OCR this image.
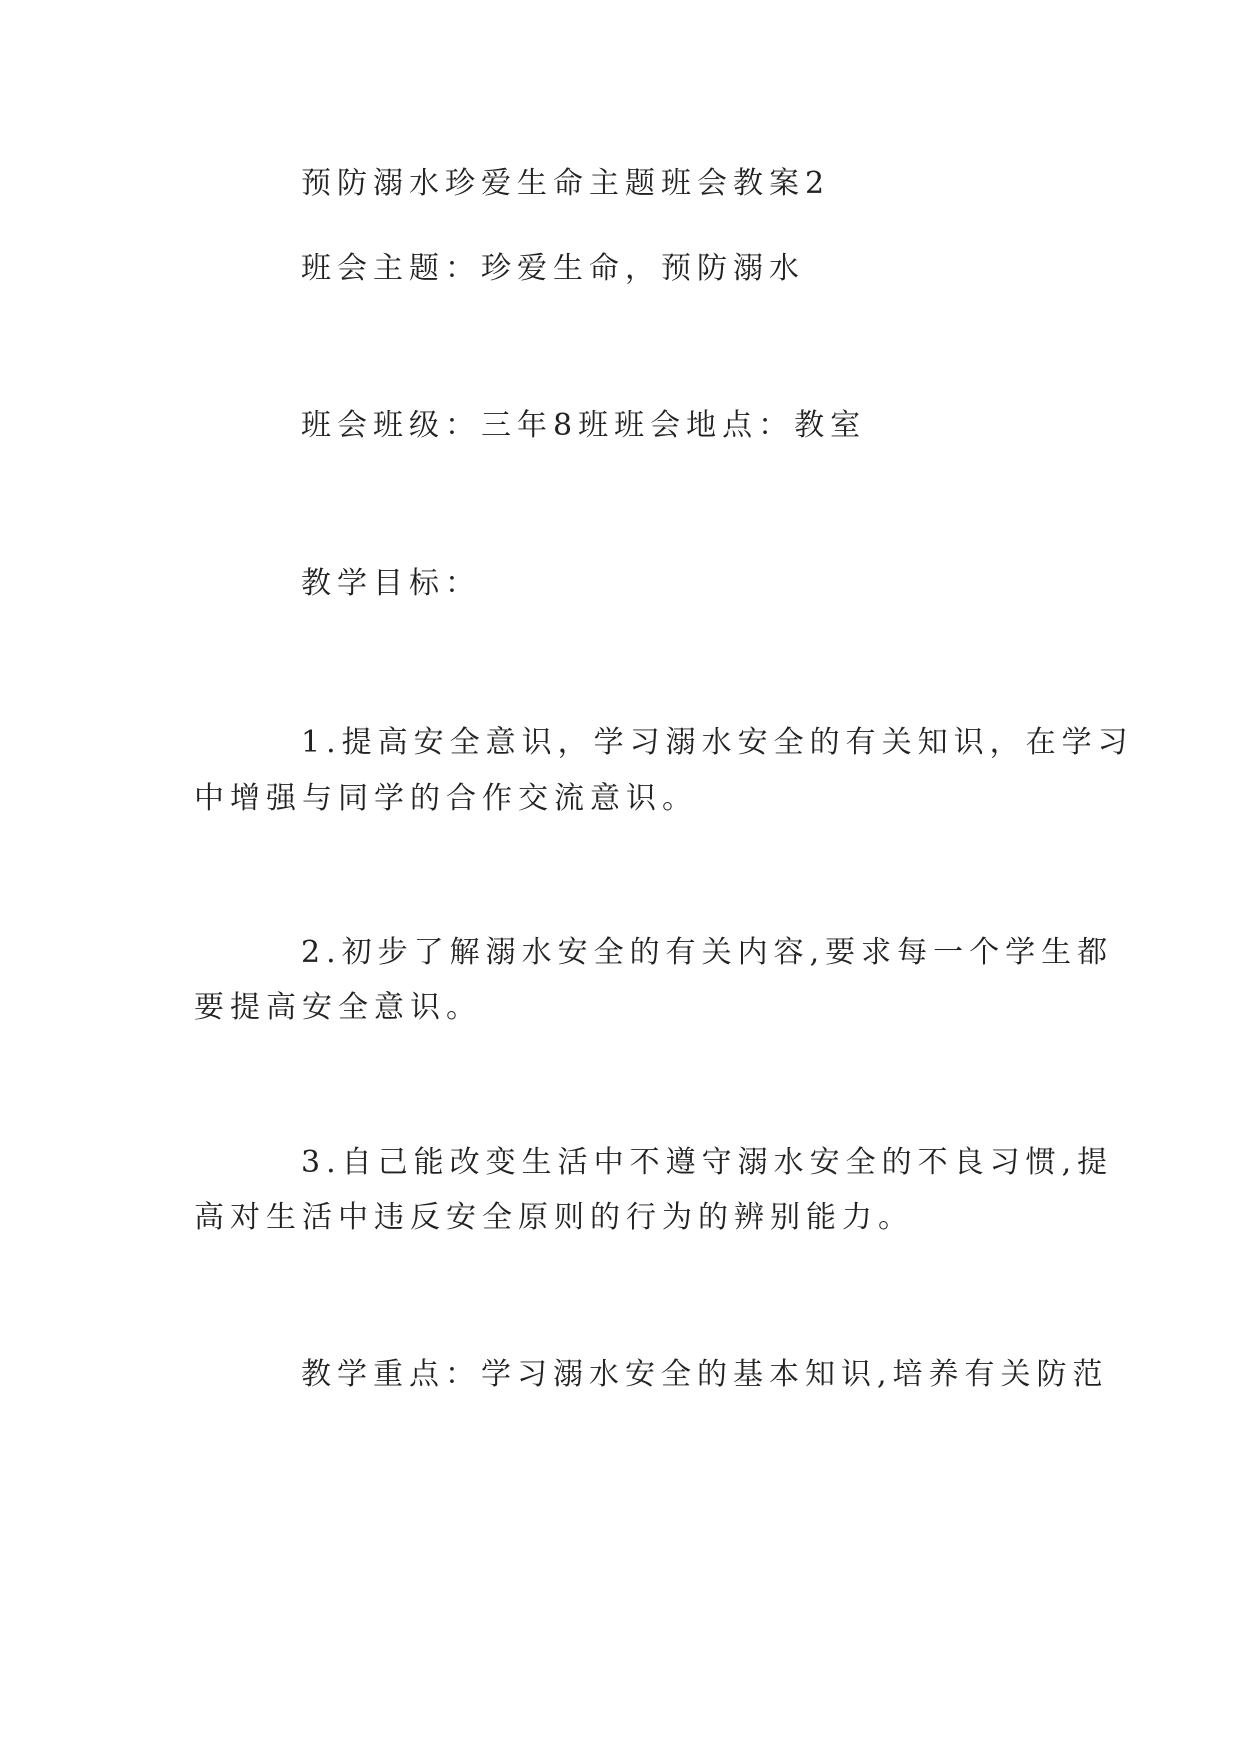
预防溺水珍爱生命主题班会教案2
班会主题：珍爱生命，预防溺水
班会班级：三年8班班会地点：教室
教学目标：
1.提高安全意识，学习溺水安全的有关知识，在学习
中增强与同学的合作交流意识。
2.初步了解溺水安全的有关内容,要求每一个学生都
要提高安全意识。
3.自己能改变生活中不遵守溺水安全的不良习惯,提
高对生活中违反安全原则的行为的辨别能力。
教学重点：学习溺水安全的基本知识,培养有关防范
